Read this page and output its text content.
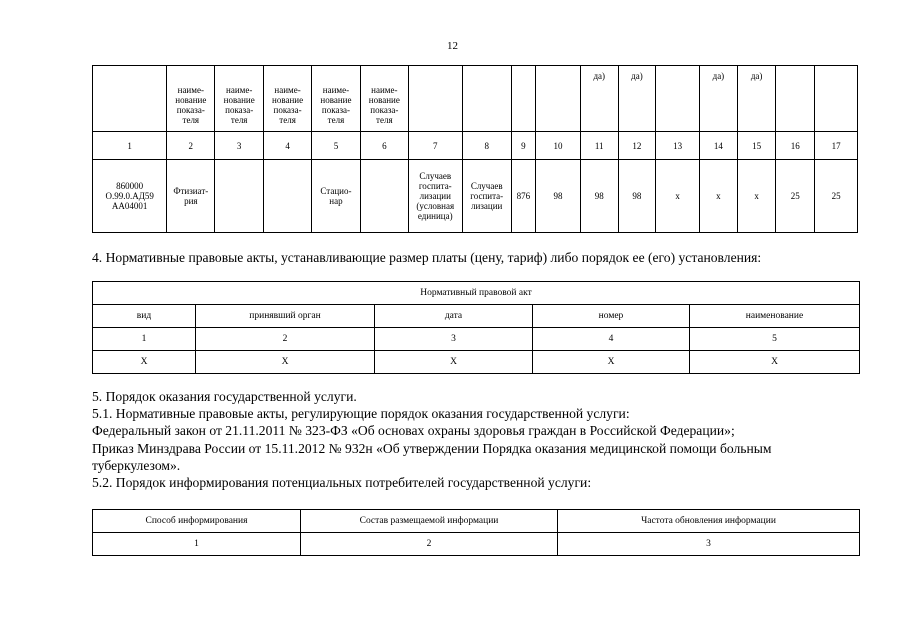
12
	наиме-
нование
показа-
теля	наиме-
нование
показа-
теля	наиме-
нование
показа-
теля	наиме-
нование
показа-
теля	наиме-
нование
показа-
теля					да)	да)		да)	да)		
1	2	3	4	5	6	7	8	9	10	11	12	13	14	15	16	17
860000
О.99.0.АД59
АА04001	Фтизиат-
рия			Стацио-
нар		Случаев
госпита-
лизации
(условная
единица)	Случаев
госпита-
лизации	876	98	98	98	х	х	х	25	25
4. Нормативные правовые акты, устанавливающие размер платы (цену, тариф) либо порядок ее (его) установления:
Нормативный правовой акт				
вид	принявший орган	дата	номер	наименование
1	2	3	4	5
Х	Х	Х	Х	Х
5. Порядок оказания государственной услуги.
5.1. Нормативные правовые акты, регулирующие порядок оказания государственной услуги:
Федеральный закон от 21.11.2011 № 323-ФЗ «Об основах охраны здоровья граждан в Российской Федерации»;
Приказ Минздрава России от 15.11.2012 № 932н «Об утверждении Порядка оказания медицинской помощи больным туберкулезом».
5.2. Порядок информирования потенциальных потребителей государственной услуги:
Способ информирования	Состав размещаемой информации	Частота обновления информации
1	2	3
